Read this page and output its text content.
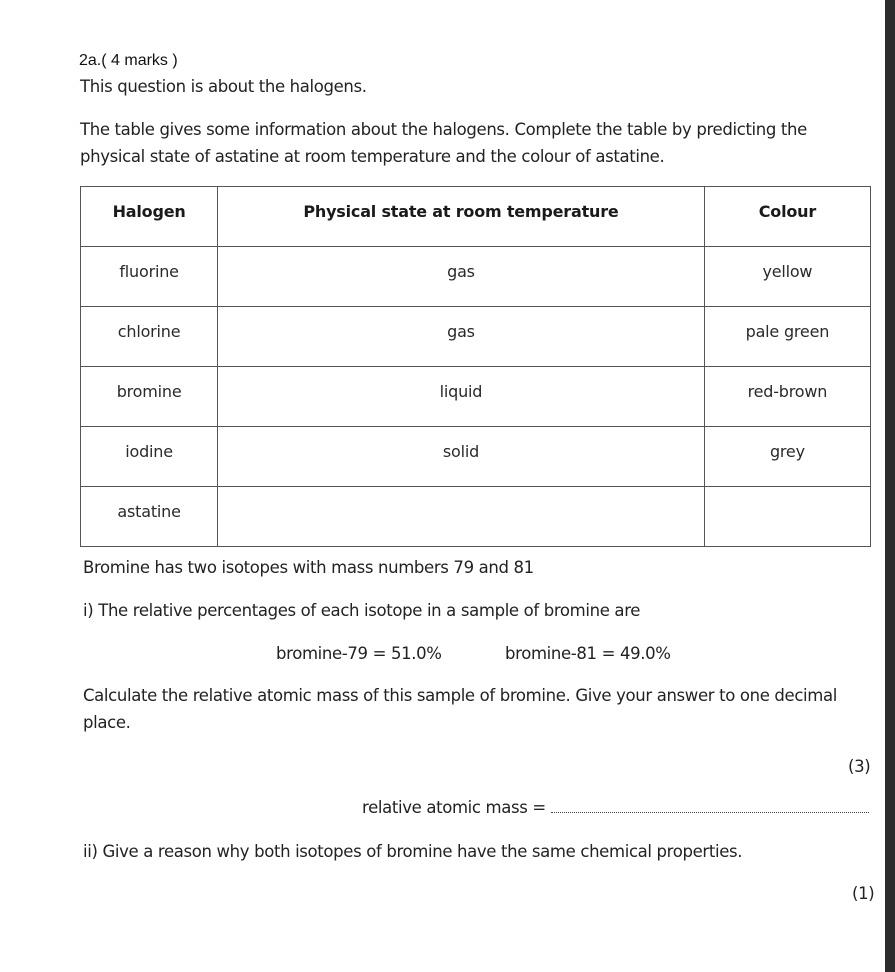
2a.( 4 marks )
This question is about the halogens.
The table gives some information about the halogens. Complete the table by predicting the
physical state of astatine at room temperature and the colour of astatine.
Halogen	Physical state at room temperature	Colour
fluorine	gas	yellow
chlorine	gas	pale green
bromine	liquid	red-brown
iodine	solid	grey
astatine		
Bromine has two isotopes with mass numbers 79 and 81
i) The relative percentages of each isotope in a sample of bromine are
bromine-79 = 51.0%	bromine-81 = 49.0%
Calculate the relative atomic mass of this sample of bromine. Give your answer to one decimal
place.
(3)
relative atomic mass =
ii) Give a reason why both isotopes of bromine have the same chemical properties.
(1)
